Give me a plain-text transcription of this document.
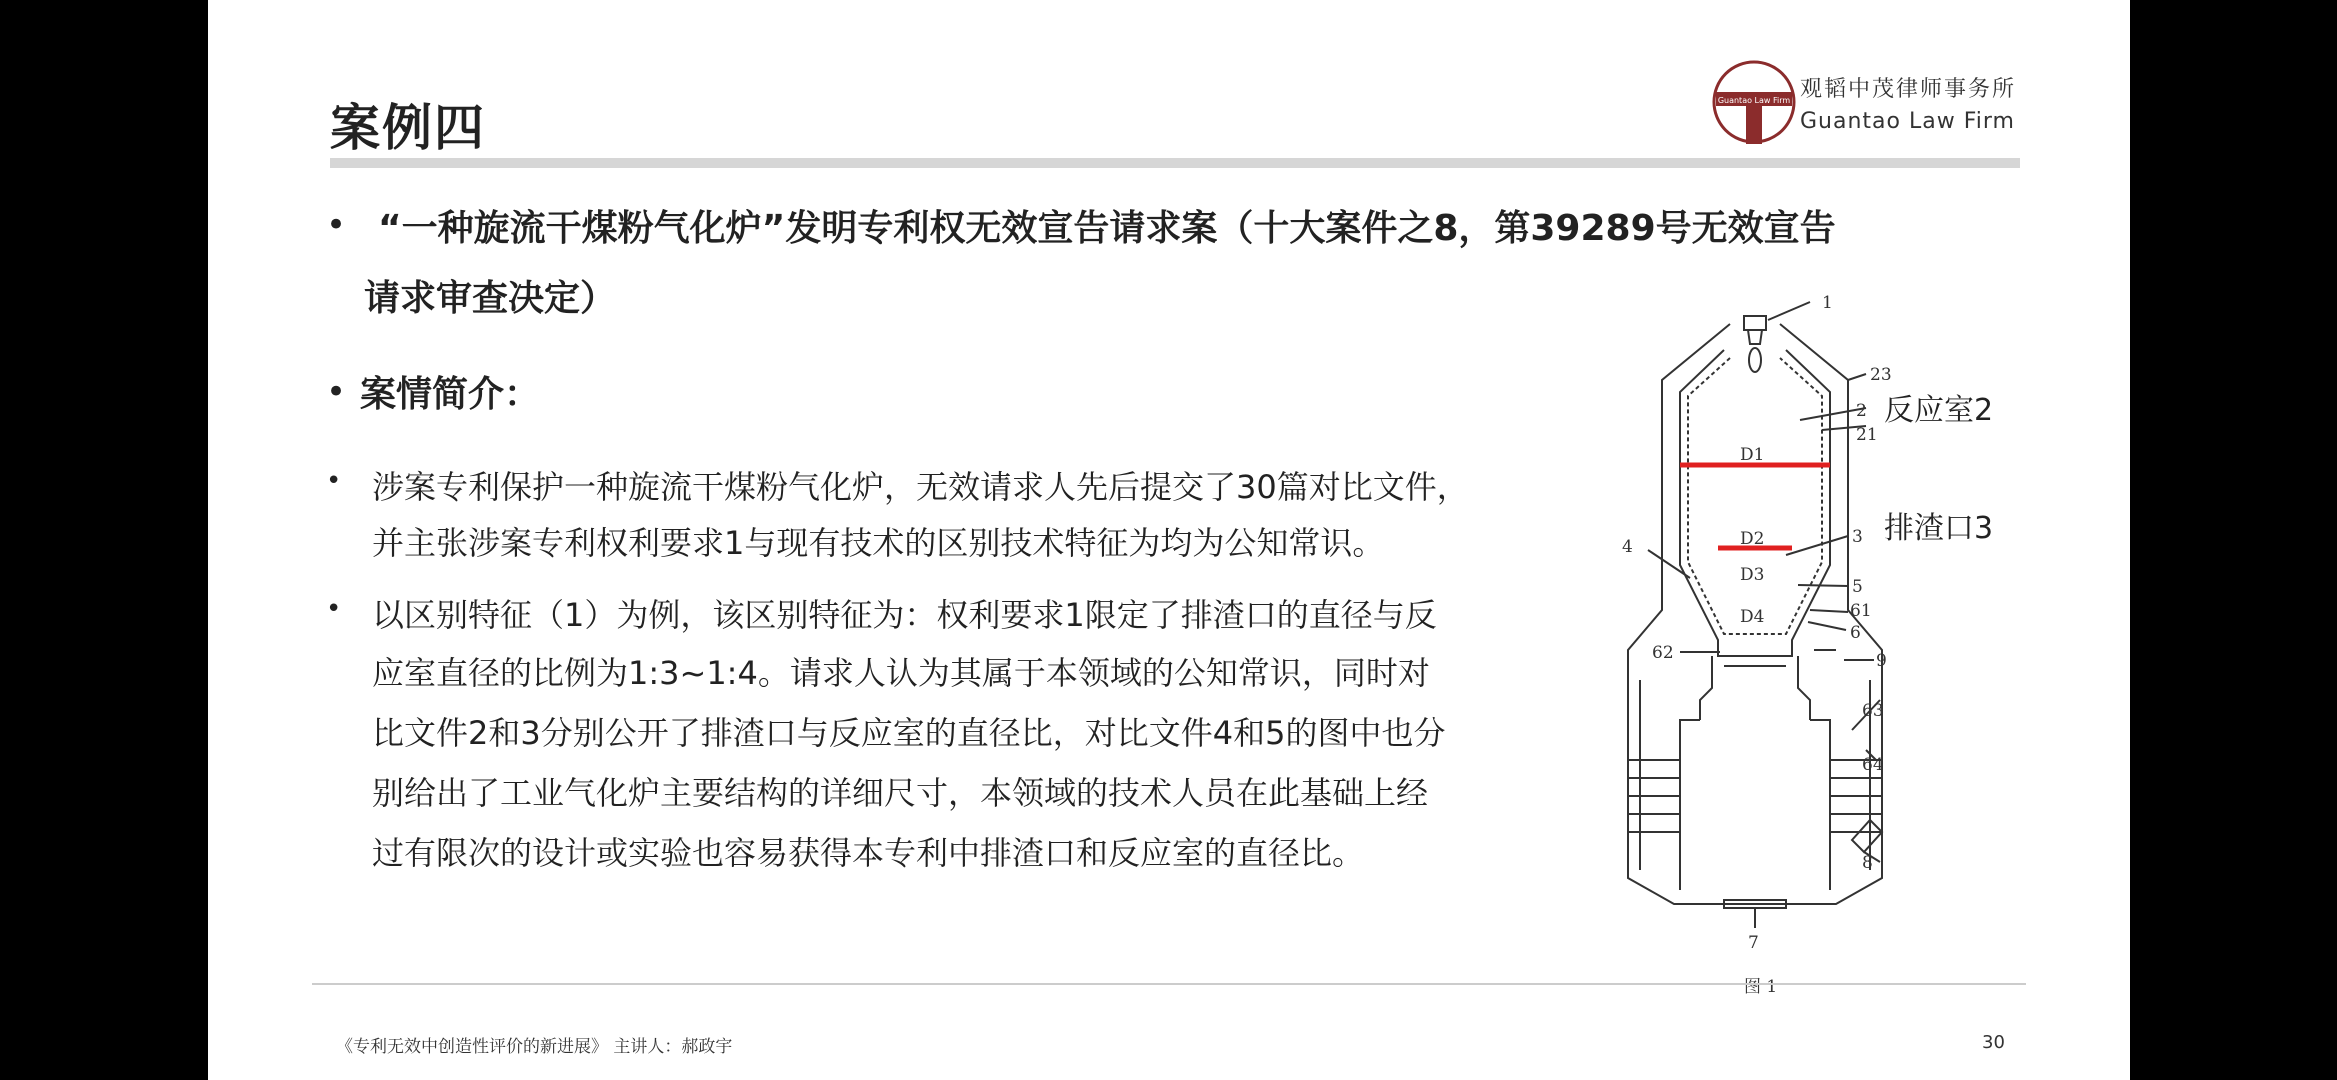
案例四	Guantao Law Firm 观韬中茂律师事务所
Guantao Law Firm
• “一种旋流干煤粉气化炉”发明专利权无效宣告请求案（十大案件之8，第39289号无效宣告
请求审查决定）
• 案情简介：
• 涉案专利保护一种旋流干煤粉气化炉，无效请求人先后提交了30篇对比文件，
并主张涉案专利权利要求1与现有技术的区别技术特征为均为公知常识。
• 以区别特征（1）为例，该区别特征为：权利要求1限定了排渣口的直径与反
应室直径的比例为1:3~1:4。请求人认为其属于本领域的公知常识，同时对
比文件2和3分别公开了排渣口与反应室的直径比，对比文件4和5的图中也分
别给出了工业气化炉主要结构的详细尺寸，本领域的技术人员在此基础上经
过有限次的设计或实验也容易获得本专利中排渣口和反应室的直径比。
1
23
2
21
3
4
5
61
6
9
62
63
64
8
7
D1
D2
D3
D4
反应室2
排渣口3
图 1
《专利无效中创造性评价的新进展》 主讲人：郝政宇	30
